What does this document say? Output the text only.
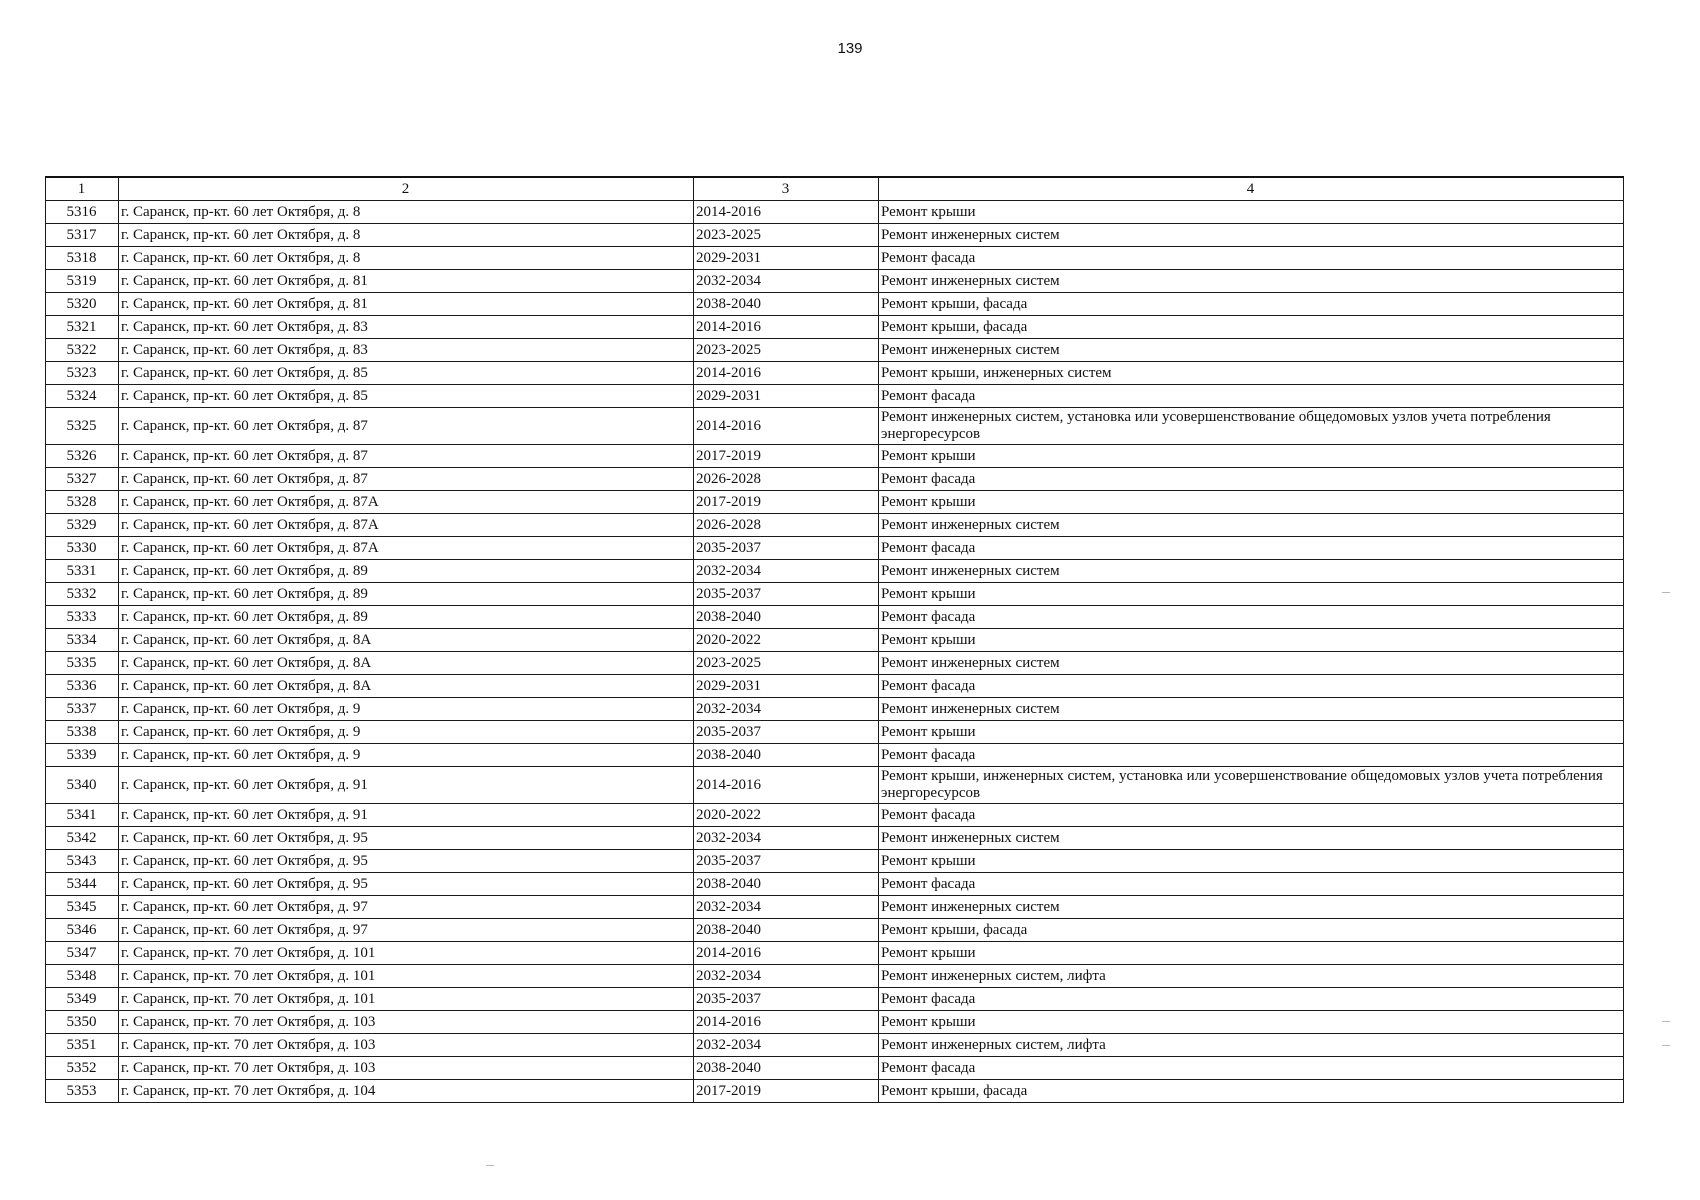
139
1	2	3	4
5316	г. Саранск, пр-кт. 60 лет Октября, д. 8	2014-2016	Ремонт крыши
5317	г. Саранск, пр-кт. 60 лет Октября, д. 8	2023-2025	Ремонт инженерных систем
5318	г. Саранск, пр-кт. 60 лет Октября, д. 8	2029-2031	Ремонт фасада
5319	г. Саранск, пр-кт. 60 лет Октября, д. 81	2032-2034	Ремонт инженерных систем
5320	г. Саранск, пр-кт. 60 лет Октября, д. 81	2038-2040	Ремонт крыши, фасада
5321	г. Саранск, пр-кт. 60 лет Октября, д. 83	2014-2016	Ремонт крыши, фасада
5322	г. Саранск, пр-кт. 60 лет Октября, д. 83	2023-2025	Ремонт инженерных систем
5323	г. Саранск, пр-кт. 60 лет Октября, д. 85	2014-2016	Ремонт крыши, инженерных систем
5324	г. Саранск, пр-кт. 60 лет Октября, д. 85	2029-2031	Ремонт фасада
5325	г. Саранск, пр-кт. 60 лет Октября, д. 87	2014-2016	Ремонт инженерных систем, установка или усовершенствование общедомовых узлов учета потребления энергоресурсов
5326	г. Саранск, пр-кт. 60 лет Октября, д. 87	2017-2019	Ремонт крыши
5327	г. Саранск, пр-кт. 60 лет Октября, д. 87	2026-2028	Ремонт фасада
5328	г. Саранск, пр-кт. 60 лет Октября, д. 87А	2017-2019	Ремонт крыши
5329	г. Саранск, пр-кт. 60 лет Октября, д. 87А	2026-2028	Ремонт инженерных систем
5330	г. Саранск, пр-кт. 60 лет Октября, д. 87А	2035-2037	Ремонт фасада
5331	г. Саранск, пр-кт. 60 лет Октября, д. 89	2032-2034	Ремонт инженерных систем
5332	г. Саранск, пр-кт. 60 лет Октября, д. 89	2035-2037	Ремонт крыши
5333	г. Саранск, пр-кт. 60 лет Октября, д. 89	2038-2040	Ремонт фасада
5334	г. Саранск, пр-кт. 60 лет Октября, д. 8А	2020-2022	Ремонт крыши
5335	г. Саранск, пр-кт. 60 лет Октября, д. 8А	2023-2025	Ремонт инженерных систем
5336	г. Саранск, пр-кт. 60 лет Октября, д. 8А	2029-2031	Ремонт фасада
5337	г. Саранск, пр-кт. 60 лет Октября, д. 9	2032-2034	Ремонт инженерных систем
5338	г. Саранск, пр-кт. 60 лет Октября, д. 9	2035-2037	Ремонт крыши
5339	г. Саранск, пр-кт. 60 лет Октября, д. 9	2038-2040	Ремонт фасада
5340	г. Саранск, пр-кт. 60 лет Октября, д. 91	2014-2016	Ремонт крыши, инженерных систем, установка или усовершенствование общедомовых узлов учета потребления энергоресурсов
5341	г. Саранск, пр-кт. 60 лет Октября, д. 91	2020-2022	Ремонт фасада
5342	г. Саранск, пр-кт. 60 лет Октября, д. 95	2032-2034	Ремонт инженерных систем
5343	г. Саранск, пр-кт. 60 лет Октября, д. 95	2035-2037	Ремонт крыши
5344	г. Саранск, пр-кт. 60 лет Октября, д. 95	2038-2040	Ремонт фасада
5345	г. Саранск, пр-кт. 60 лет Октября, д. 97	2032-2034	Ремонт инженерных систем
5346	г. Саранск, пр-кт. 60 лет Октября, д. 97	2038-2040	Ремонт крыши, фасада
5347	г. Саранск, пр-кт. 70 лет Октября, д. 101	2014-2016	Ремонт крыши
5348	г. Саранск, пр-кт. 70 лет Октября, д. 101	2032-2034	Ремонт инженерных систем, лифта
5349	г. Саранск, пр-кт. 70 лет Октября, д. 101	2035-2037	Ремонт фасада
5350	г. Саранск, пр-кт. 70 лет Октября, д. 103	2014-2016	Ремонт крыши
5351	г. Саранск, пр-кт. 70 лет Октября, д. 103	2032-2034	Ремонт инженерных систем, лифта
5352	г. Саранск, пр-кт. 70 лет Октября, д. 103	2038-2040	Ремонт фасада
5353	г. Саранск, пр-кт. 70 лет Октября, д. 104	2017-2019	Ремонт крыши, фасада
